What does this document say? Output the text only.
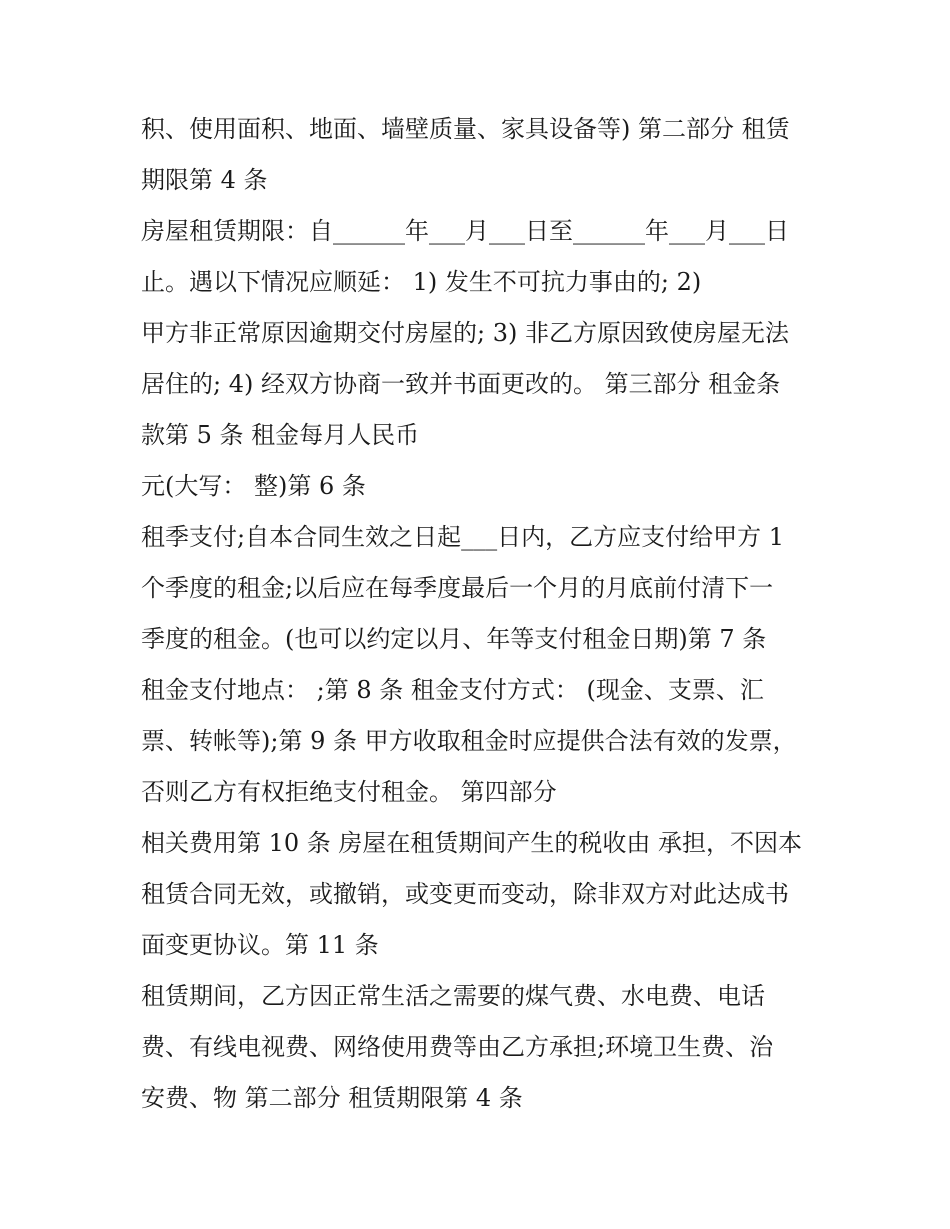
积、使用面积、地面、墙壁质量、家具设备等) 第二部分 租赁
期限第 4 条
房屋租赁期限：自______年___月___日至______年___月___日
止。遇以下情况应顺延： 1) 发生不可抗力事由的; 2)
甲方非正常原因逾期交付房屋的; 3) 非乙方原因致使房屋无法
居住的; 4) 经双方协商一致并书面更改的。 第三部分 租金条
款第 5 条 租金每月人民币
元(大写： 整)第 6 条
租季支付;自本合同生效之日起___日内，乙方应支付给甲方 1
个季度的租金;以后应在每季度最后一个月的月底前付清下一
季度的租金。(也可以约定以月、年等支付租金日期)第 7 条
租金支付地点： ;第 8 条 租金支付方式： (现金、支票、汇
票、转帐等);第 9 条 甲方收取租金时应提供合法有效的发票，
否则乙方有权拒绝支付租金。 第四部分
相关费用第 10 条 房屋在租赁期间产生的税收由 承担，不因本
租赁合同无效，或撤销，或变更而变动，除非双方对此达成书
面变更协议。第 11 条
租赁期间，乙方因正常生活之需要的煤气费、水电费、电话
费、有线电视费、网络使用费等由乙方承担;环境卫生费、治
安费、物 第二部分 租赁期限第 4 条
